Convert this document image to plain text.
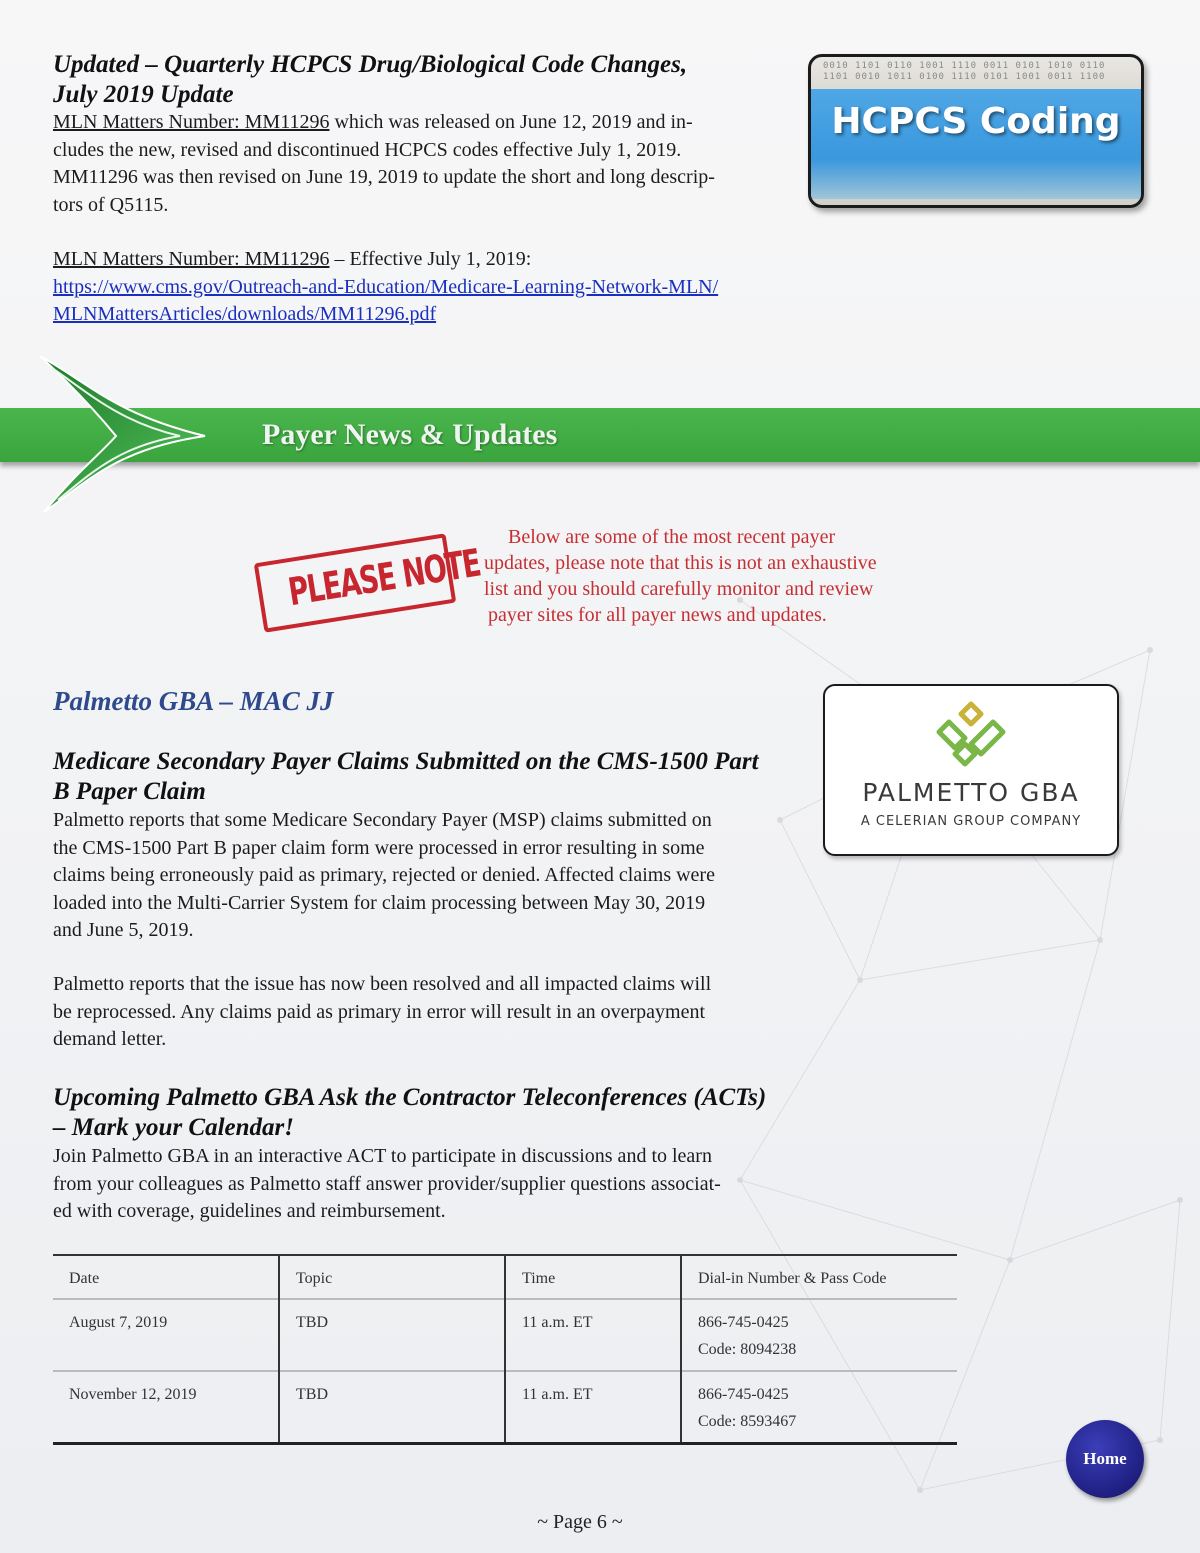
Updated – Quarterly HCPCS Drug/Biological Code Changes,
July 2019 Update
MLN Matters Number: MM11296 which was released on June 12, 2019 and in-
cludes the new, revised and discontinued HCPCS codes effective July 1, 2019.
MM11296 was then revised on June 19, 2019 to update the short and long descrip-
tors of Q5115.
MLN Matters Number: MM11296 – Effective July 1, 2019:
https://www.cms.gov/Outreach-and-Education/Medicare-Learning-Network-MLN/
MLNMattersArticles/downloads/MM11296.pdf
0010 1101 0110 1001 1110 0011 0101 1010 0110
1101 0010 1011 0100 1110 0101 1001 0011 1100
HCPCS Coding
Payer News & Updates
PLEASE NOTE
Below are some of the most recent payer
updates, please note that this is not an exhaustive
list and you should carefully monitor and review
payer sites for all payer news and updates.
Palmetto GBA – MAC JJ
PALMETTO GBA
A CELERIAN GROUP COMPANY
Medicare Secondary Payer Claims Submitted on the CMS-1500 Part
B Paper Claim
Palmetto reports that some Medicare Secondary Payer (MSP) claims submitted on
the CMS-1500 Part B paper claim form were processed in error resulting in some
claims being erroneously paid as primary, rejected or denied. Affected claims were
loaded into the Multi-Carrier System for claim processing between May 30, 2019
and June 5, 2019.
Palmetto reports that the issue has now been resolved and all impacted claims will
be reprocessed. Any claims paid as primary in error will result in an overpayment
demand letter.
Upcoming Palmetto GBA Ask the Contractor Teleconferences (ACTs)
– Mark your Calendar!
Join Palmetto GBA in an interactive ACT to participate in discussions and to learn
from your colleagues as Palmetto staff answer provider/supplier questions associat-
ed with coverage, guidelines and reimbursement.
Date	Topic	Time	Dial-in Number & Pass Code
August 7, 2019	TBD	11 a.m. ET	866-745-0425
Code: 8094238

November 12, 2019	TBD	11 a.m. ET	866-745-0425
Code: 8593467
Home
~ Page 6 ~
